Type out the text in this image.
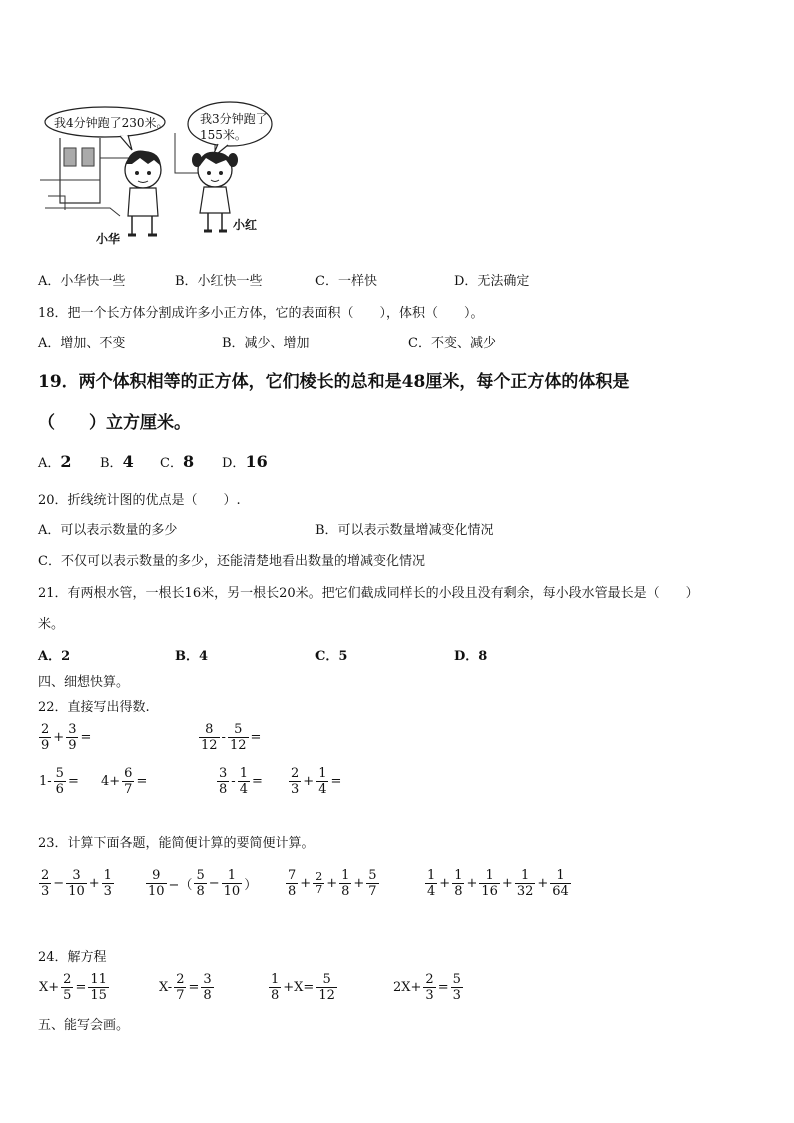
我4分钟跑了230米。	我3分钟跑了
155米。
小华
小红
A．小华快一些	B．小红快一些	C．一样快	D．无法确定
18．把一个长方体分割成许多小正方体，它的表面积（　　），体积（　　）。
A．增加、不变	B．减少、增加	C．不变、减少
19．两个体积相等的正方体，它们棱长的总和是48厘米，每个正方体的体积是
（　　）立方厘米。
A．2 B．4 C．8 D．16
20．折线统计图的优点是（　　）.
A．可以表示数量的多少	B．可以表示数量增减变化情况
C．不仅可以表示数量的多少，还能清楚地看出数量的增减变化情况
21．有两根水管，一根长16米，另一根长20米。把它们截成同样长的小段且没有剩余，每小段水管最长是（　　）
米。
A．2	B．4	C．5	D．8
四、细想快算。
22．直接写出得数.
$\frac{2}{9} + \frac{3}{9}$ =	$\frac{8}{12} - \frac{5}{12}$ =
$1- \frac{5}{6} = 4+ \frac{6}{7}$ =	$\frac{3}{8} - \frac{1}{4} = \frac{2}{3} + \frac{1}{4}$ =
23．计算下面各题，能简便计算的要简便计算。
$\frac{2}{3} - \frac{3}{10} + \frac{1}{3} \frac{9}{10}$ −（ $\frac{5}{8} - \frac{1}{10}$ ） $\frac{7}{8} + \frac{2}{7} + \frac{1}{8} + \frac{5}{7}$	$\frac{1}{4} + \frac{1}{8} + \frac{1}{16} + \frac{1}{32} + \frac{1}{64}$
24．解方程
$X+ \frac{2}{5} = \frac{11}{15}$	$X- \frac{2}{7} = \frac{3}{8}$	$\frac{1}{8} +X= \frac{5}{12}$	$2X+ \frac{2}{3} = \frac{5}{3}$
五、能写会画。
